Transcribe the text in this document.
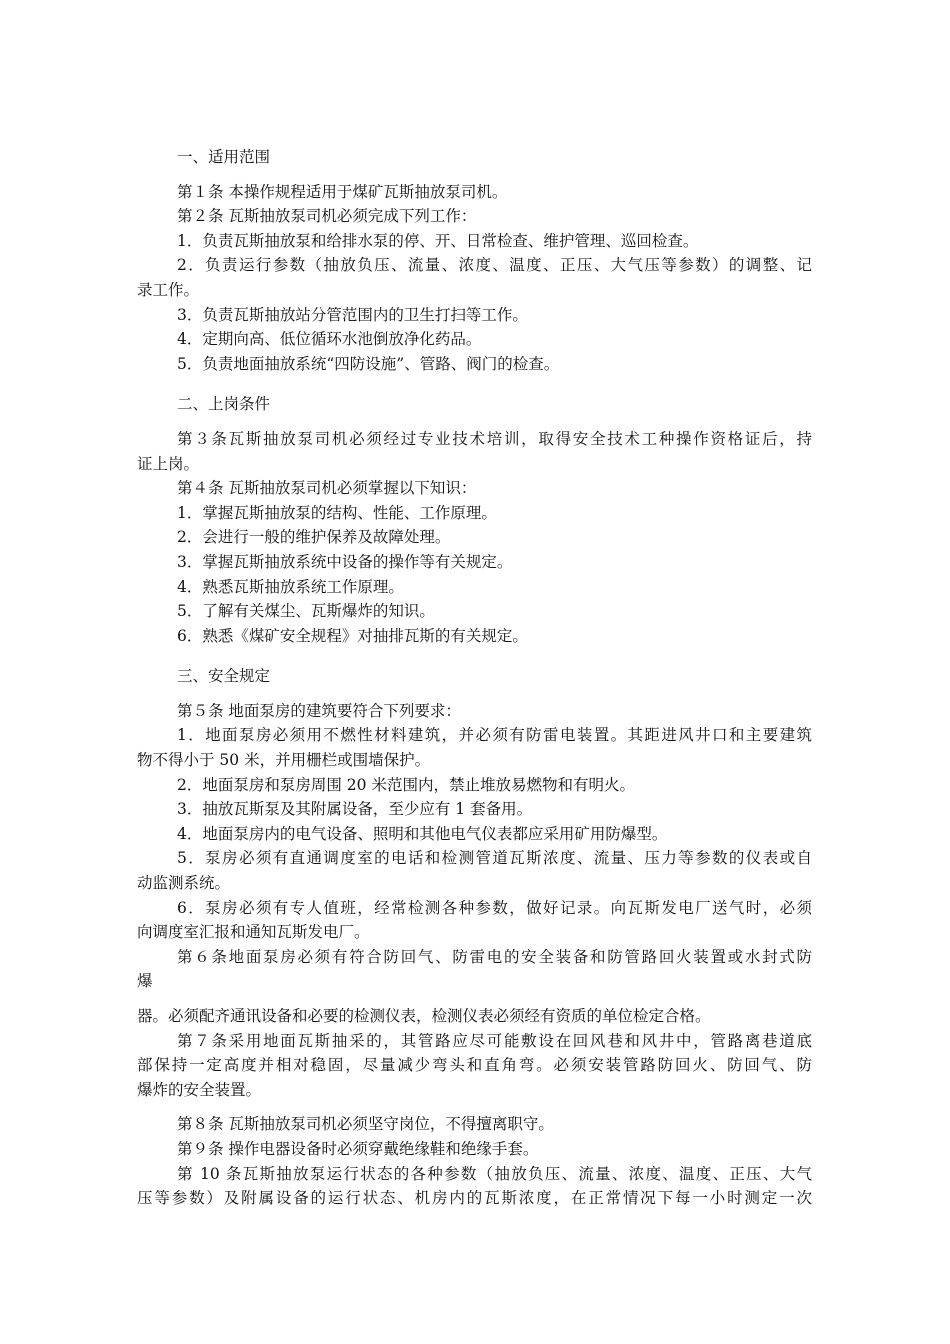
一、适用范围
第１条 本操作规程适用于煤矿瓦斯抽放泵司机。
第２条 瓦斯抽放泵司机必须完成下列工作：
1．负责瓦斯抽放泵和给排水泵的停、开、日常检查、维护管理、巡回检查。
2．负责运行参数（抽放负压、流量、浓度、温度、正压、大气压等参数）的调整、记
录工作。
3．负责瓦斯抽放站分管范围内的卫生打扫等工作。
4．定期向高、低位循环水池倒放净化药品。
5．负责地面抽放系统“四防设施”、管路、阀门的检查。
二、上岗条件
第３条瓦斯抽放泵司机必须经过专业技术培训，取得安全技术工种操作资格证后，持
证上岗。
第４条 瓦斯抽放泵司机必须掌握以下知识：
1．掌握瓦斯抽放泵的结构、性能、工作原理。
2．会进行一般的维护保养及故障处理。
3．掌握瓦斯抽放系统中设备的操作等有关规定。
4．熟悉瓦斯抽放系统工作原理。
5．了解有关煤尘、瓦斯爆炸的知识。
6．熟悉《煤矿安全规程》对抽排瓦斯的有关规定。
三、安全规定
第５条 地面泵房的建筑要符合下列要求：
1．地面泵房必须用不燃性材料建筑，并必须有防雷电装置。其距进风井口和主要建筑
物不得小于 50 米，并用栅栏或围墙保护。
2．地面泵房和泵房周围 20 米范围内，禁止堆放易燃物和有明火。
3．抽放瓦斯泵及其附属设备，至少应有 1 套备用。
4．地面泵房内的电气设备、照明和其他电气仪表都应采用矿用防爆型。
5．泵房必须有直通调度室的电话和检测管道瓦斯浓度、流量、压力等参数的仪表或自
动监测系统。
6．泵房必须有专人值班，经常检测各种参数，做好记录。向瓦斯发电厂送气时，必须
向调度室汇报和通知瓦斯发电厂。
第６条地面泵房必须有符合防回气、防雷电的安全装备和防管路回火装置或水封式防
爆
器。必须配齐通讯设备和必要的检测仪表，检测仪表必须经有资质的单位检定合格。
第７条采用地面瓦斯抽采的，其管路应尽可能敷设在回风巷和风井中，管路离巷道底
部保持一定高度并相对稳固，尽量减少弯头和直角弯。必须安装管路防回火、防回气、防
爆炸的安全装置。
第８条 瓦斯抽放泵司机必须坚守岗位，不得擅离职守。
第９条 操作电器设备时必须穿戴绝缘鞋和绝缘手套。
第 10 条瓦斯抽放泵运行状态的各种参数（抽放负压、流量、浓度、温度、正压、大气
压等参数）及附属设备的运行状态、机房内的瓦斯浓度，在正常情况下每一小时测定一次
